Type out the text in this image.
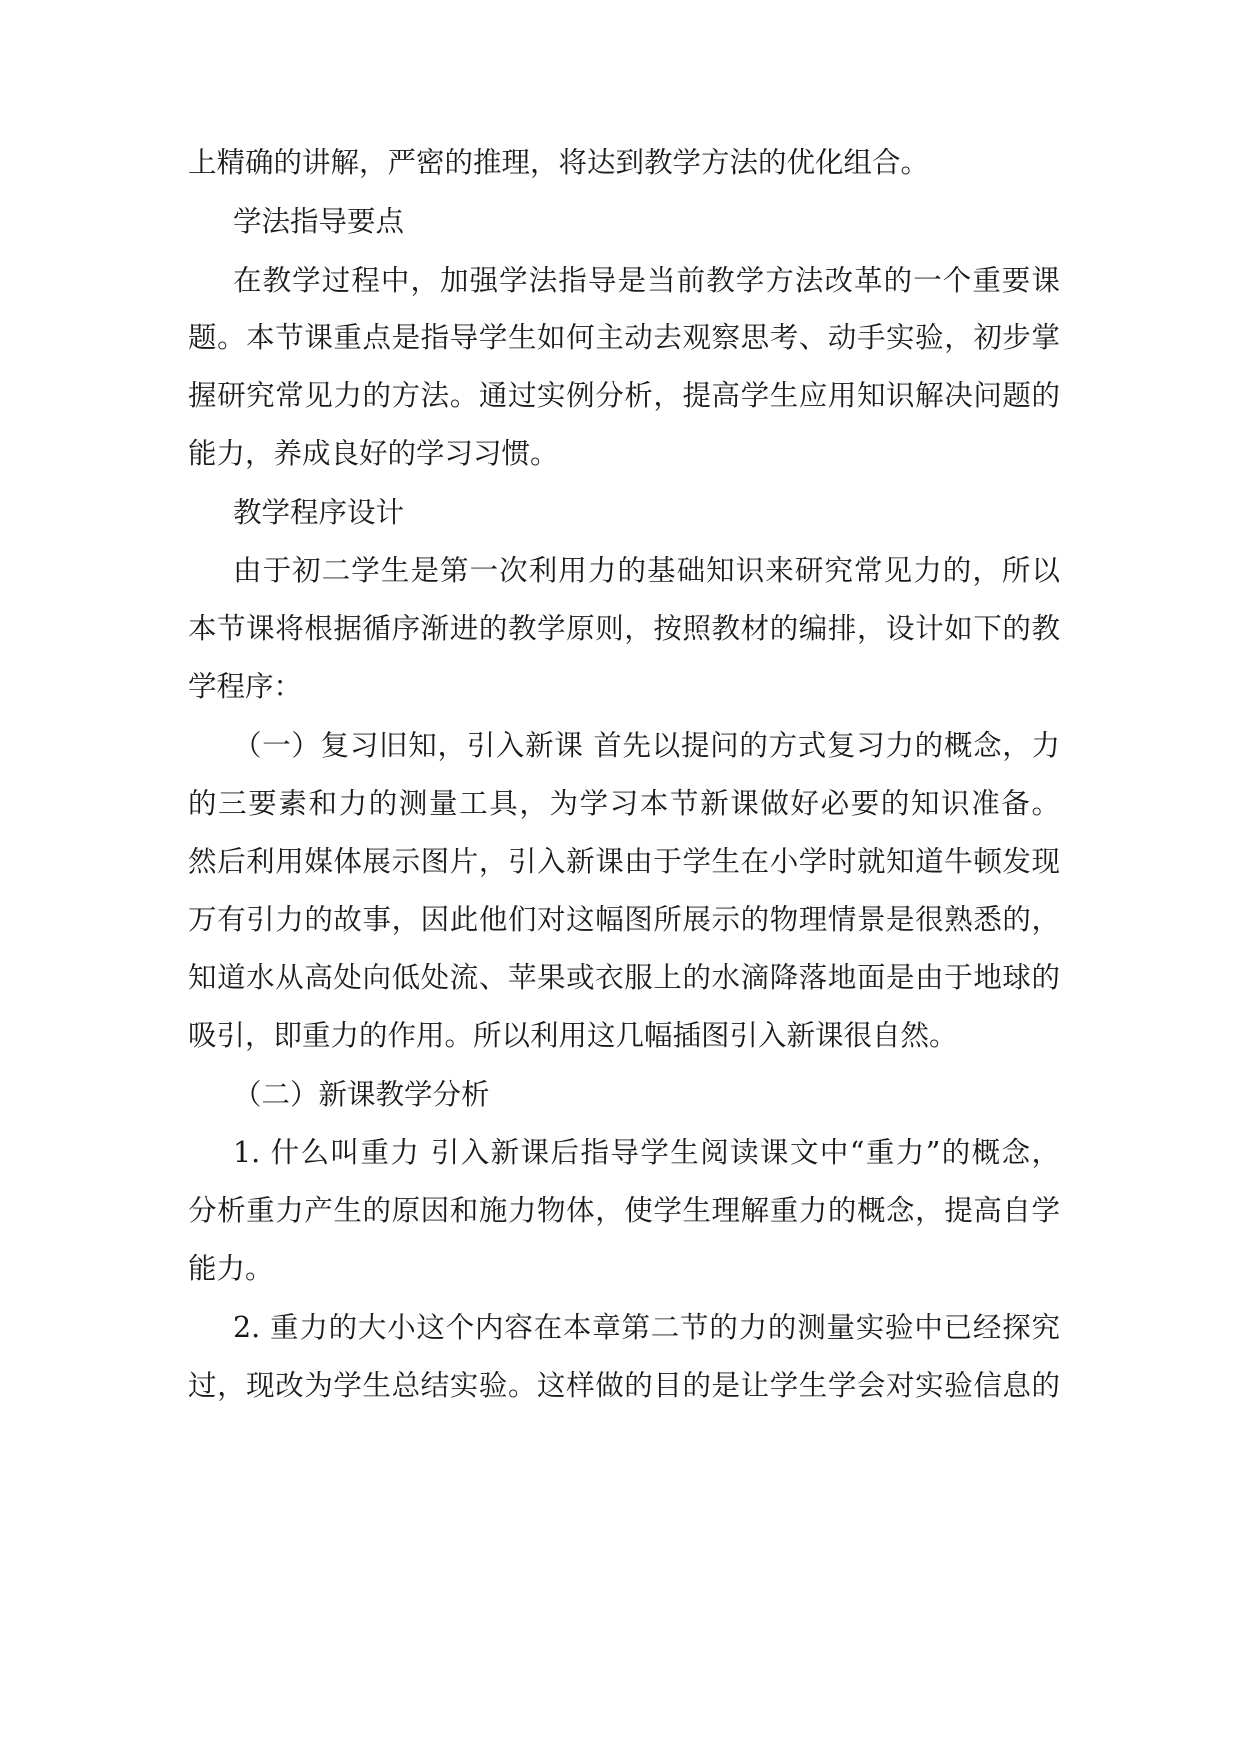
上精确的讲解，严密的推理，将达到教学方法的优化组合。
学法指导要点
在教学过程中，加强学法指导是当前教学方法改革的一个重要课
题。本节课重点是指导学生如何主动去观察思考、动手实验，初步掌
握研究常见力的方法。通过实例分析，提高学生应用知识解决问题的
能力，养成良好的学习习惯。
教学程序设计
由于初二学生是第一次利用力的基础知识来研究常见力的，所以
本节课将根据循序渐进的教学原则，按照教材的编排，设计如下的教
学程序：
（一）复习旧知，引入新课 首先以提问的方式复习力的概念，力
的三要素和力的测量工具，为学习本节新课做好必要的知识准备。
然后利用媒体展示图片，引入新课由于学生在小学时就知道牛顿发现
万有引力的故事，因此他们对这幅图所展示的物理情景是很熟悉的，
知道水从高处向低处流、苹果或衣服上的水滴降落地面是由于地球的
吸引，即重力的作用。所以利用这几幅插图引入新课很自然。
（二）新课教学分析
1. 什么叫重力 引入新课后指导学生阅读课文中“重力”的概念，
分析重力产生的原因和施力物体，使学生理解重力的概念，提高自学
能力。
2. 重力的大小这个内容在本章第二节的力的测量实验中已经探究
过，现改为学生总结实验。这样做的目的是让学生学会对实验信息的
